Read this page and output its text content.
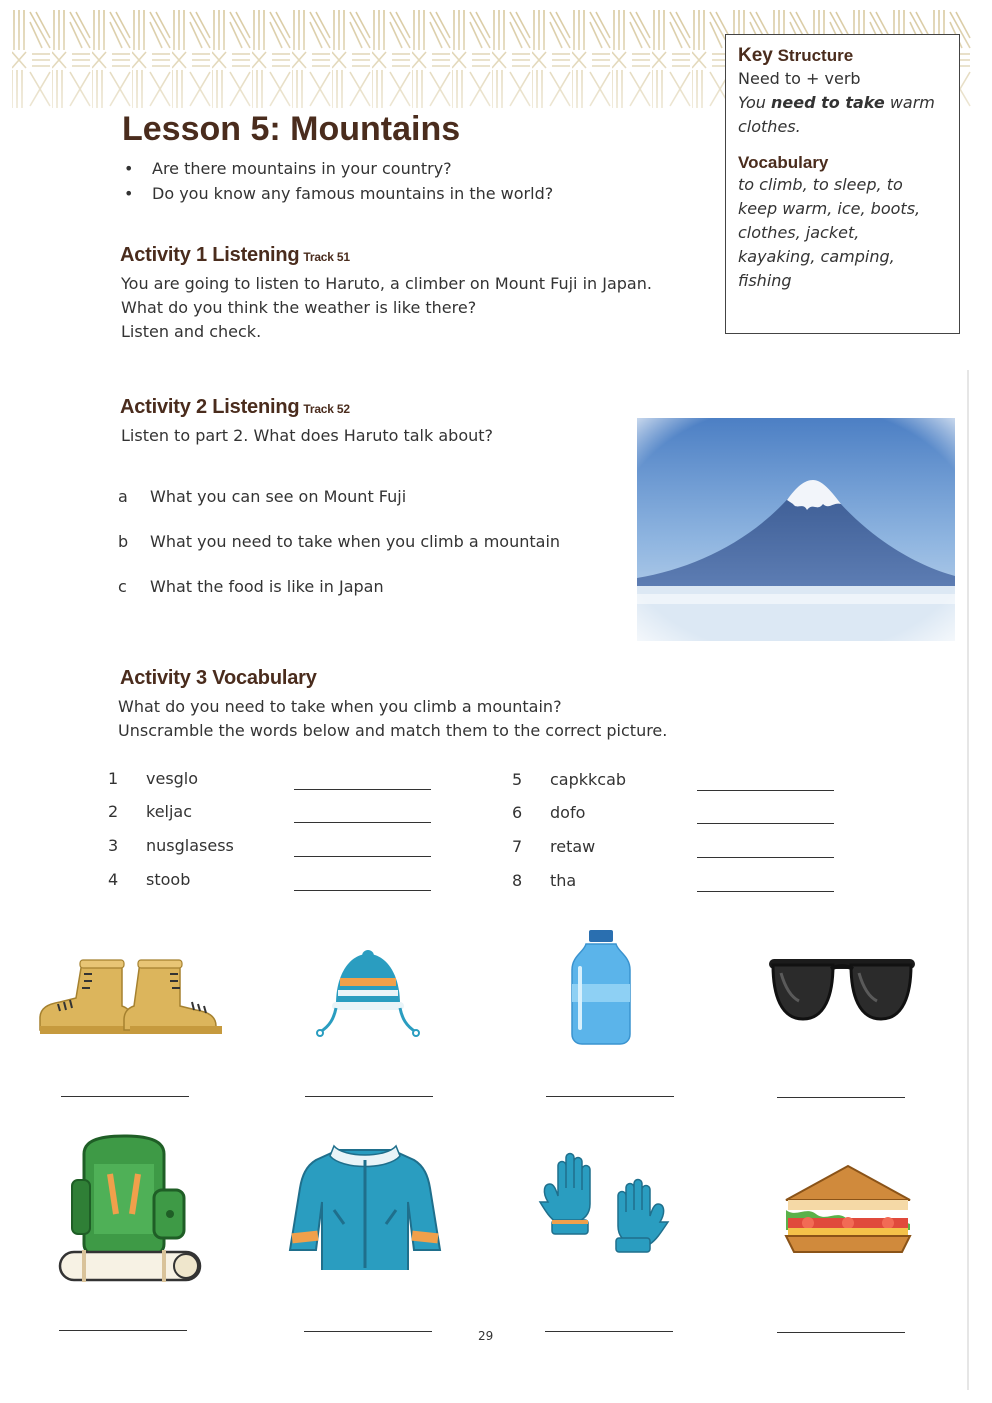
Lesson 5: Mountains
• Are there mountains in your country?
• Do you know any famous mountains in the world?
Key Structure
Need to + verb
You need to take warm
clothes.
Vocabulary
to climb, to sleep, to
keep warm, ice, boots,
clothes, jacket,
kayaking, camping,
fishing
Activity 1 Listening Track 51
You are going to listen to Haruto, a climber on Mount Fuji in Japan.
What do you think the weather is like there?
Listen and check.
Activity 2 Listening Track 52
Listen to part 2. What does Haruto talk about?
a What you can see on Mount Fuji
b What you need to take when you climb a mountain
c What the food is like in Japan
Activity 3 Vocabulary
What do you need to take when you climb a mountain?
Unscramble the words below and match them to the correct picture.
1 vesglo
2 keljac
3 nusglasess
4 stoob
5 capkkcab
6 dofo
7 retaw
8 tha
29
